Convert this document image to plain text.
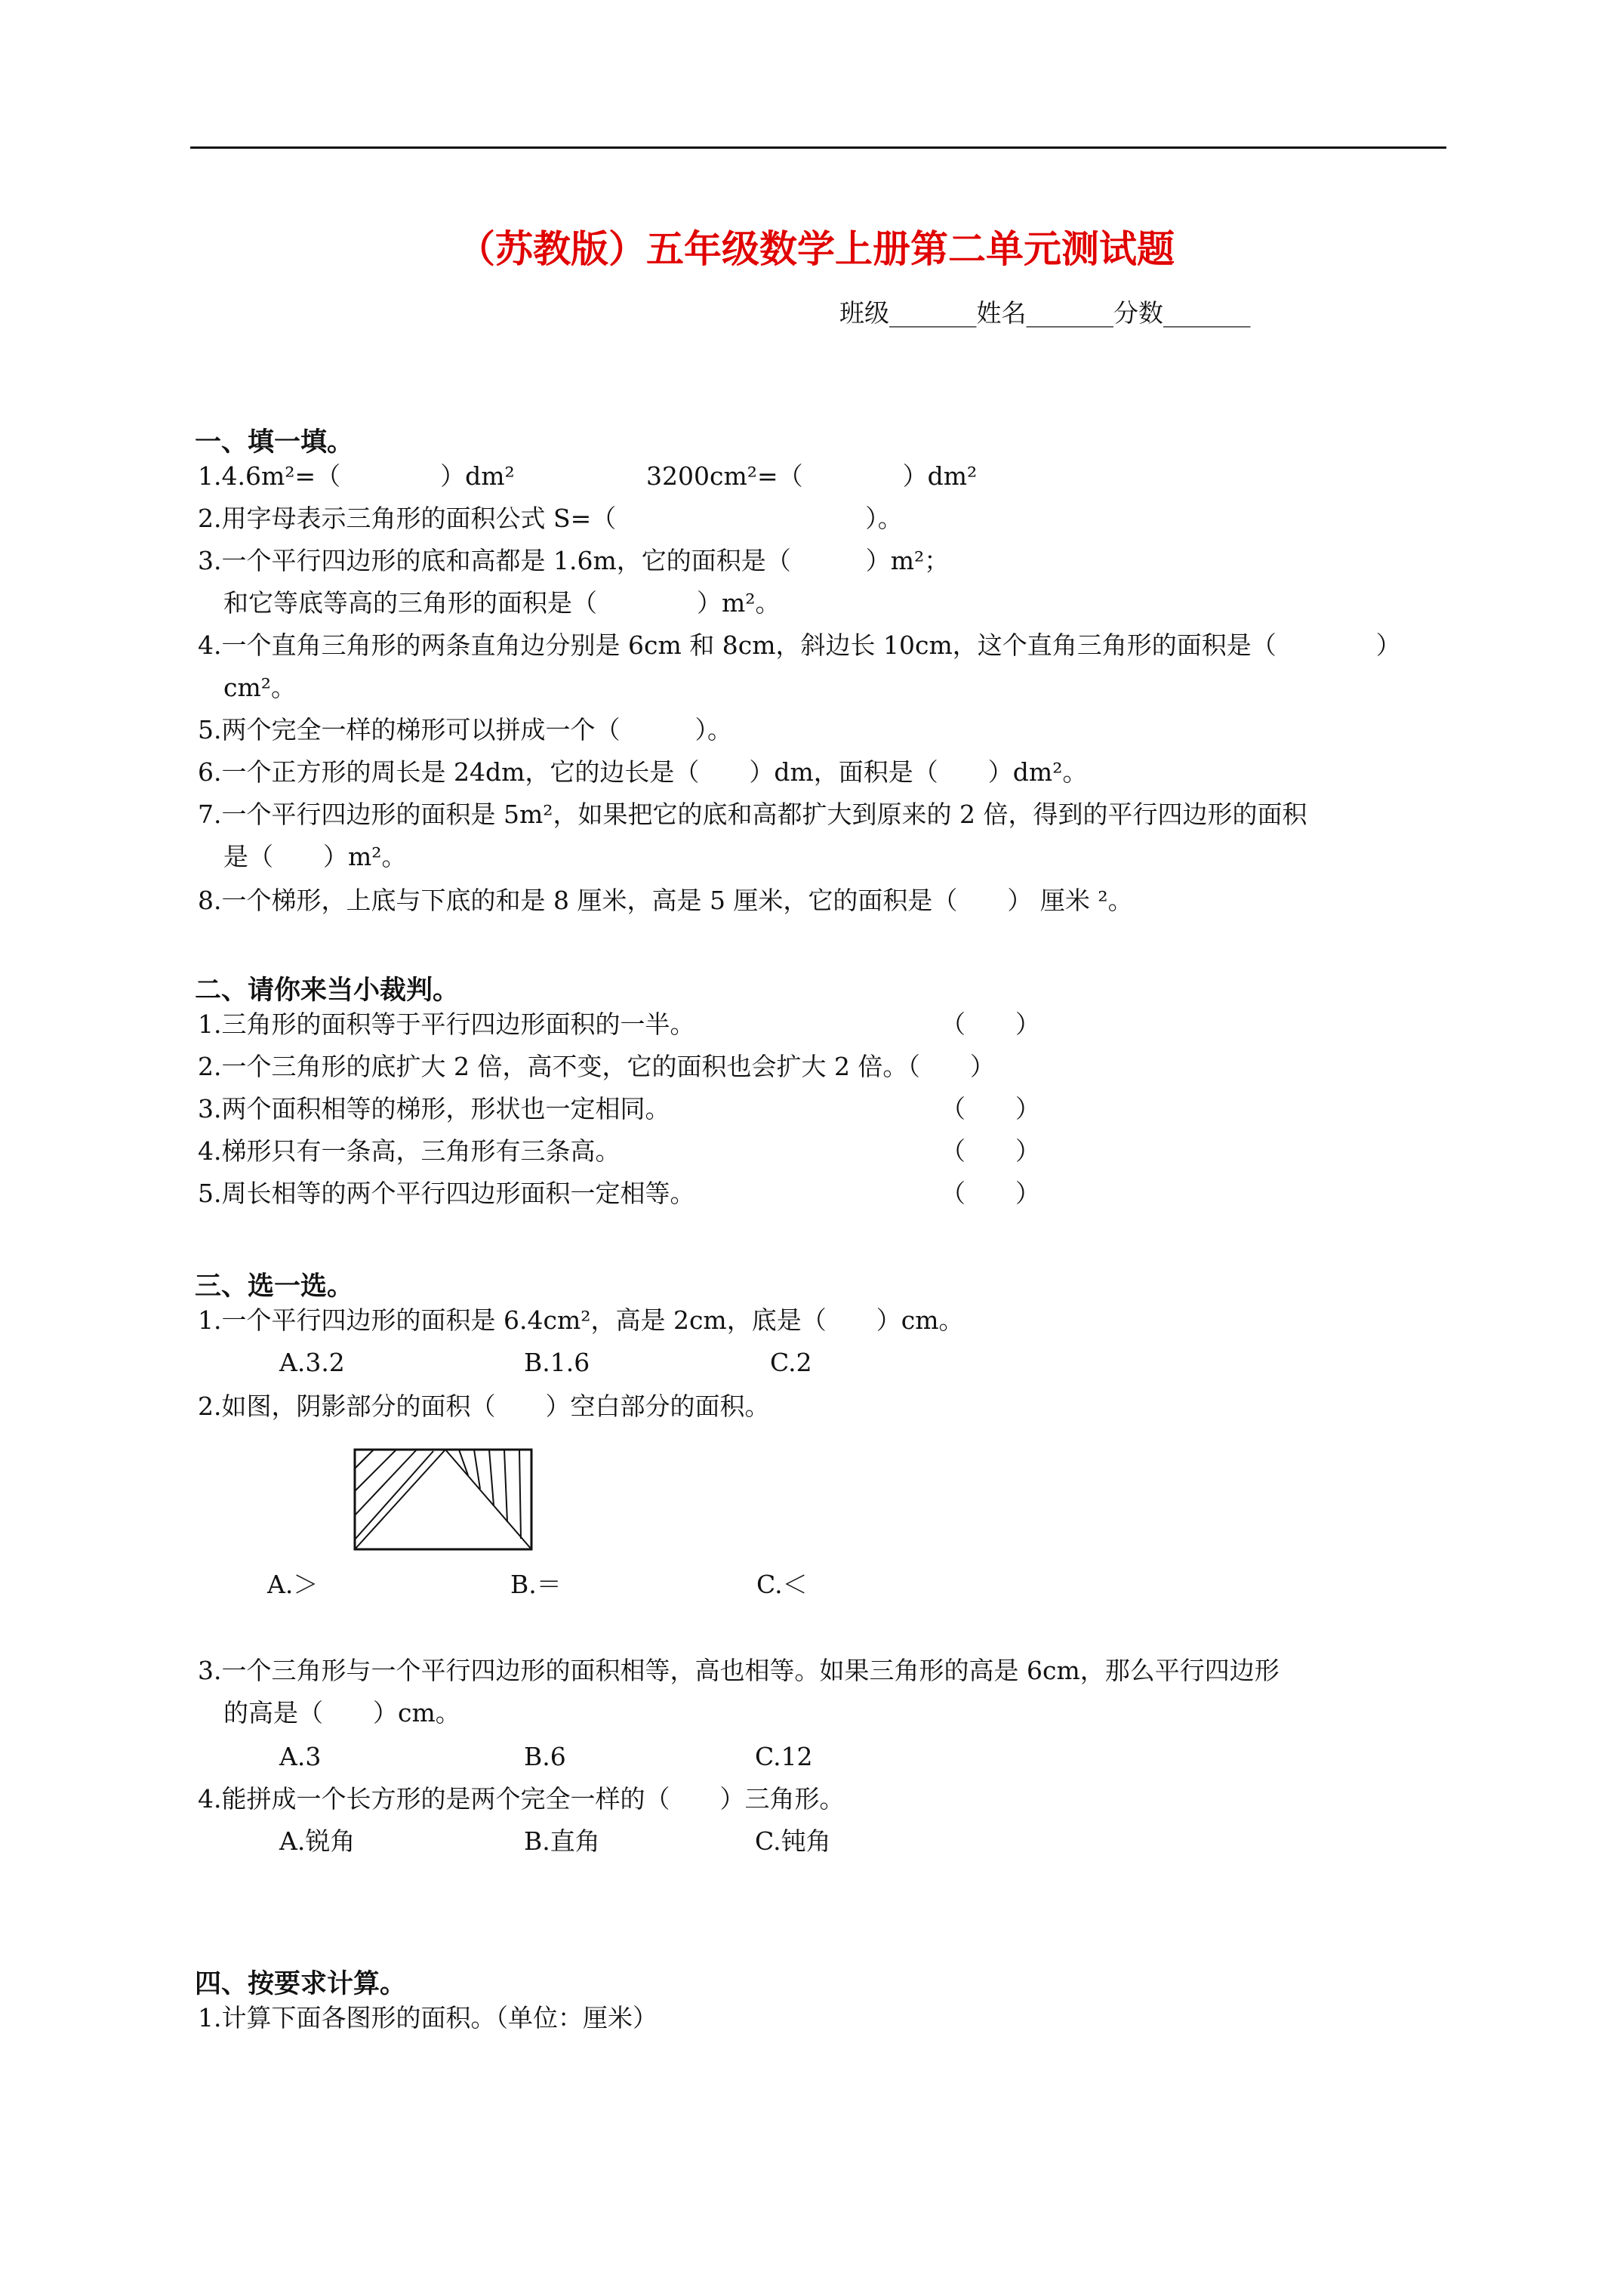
（苏教版）五年级数学上册第二单元测试题
班级_______姓名_______分数_______
一、填一填。
1.4.6m²=（　　　　）dm²	3200cm²=（　　　　）dm²
2.用字母表示三角形的面积公式 S=（　　　　　　　　　　）。
3.一个平行四边形的底和高都是 1.6m，它的面积是（　　　）m²；
和它等底等高的三角形的面积是（　　　　）m²。
4.一个直角三角形的两条直角边分别是 6cm 和 8cm，斜边长 10cm，这个直角三角形的面积是（　　　　）
cm²。
5.两个完全一样的梯形可以拼成一个（　　　）。
6.一个正方形的周长是 24dm，它的边长是（　　）dm，面积是（　　）dm²。
7.一个平行四边形的面积是 5m²，如果把它的底和高都扩大到原来的 2 倍，得到的平行四边形的面积
是（　　）m²。
8.一个梯形，上底与下底的和是 8 厘米，高是 5 厘米，它的面积是（　　） 厘米 ²。
二、请你来当小裁判。
1.三角形的面积等于平行四边形面积的一半。	（　　）
2.一个三角形的底扩大 2 倍，高不变，它的面积也会扩大 2 倍。（　　）
3.两个面积相等的梯形，形状也一定相同。	（　　）
4.梯形只有一条高，三角形有三条高。	（　　）
5.周长相等的两个平行四边形面积一定相等。	（　　）
三、选一选。
1.一个平行四边形的面积是 6.4cm²，高是 2cm，底是（　　）cm。
A.3.2	B.1.6	C.2
2.如图，阴影部分的面积（　　）空白部分的面积。
A.＞	B.＝	C.＜
3.一个三角形与一个平行四边形的面积相等，高也相等。如果三角形的高是 6cm，那么平行四边形
的高是（　　）cm。
A.3	B.6	C.12
4.能拼成一个长方形的是两个完全一样的（　　）三角形。
A.锐角	B.直角	C.钝角
四、按要求计算。
1.计算下面各图形的面积。（单位：厘米）
